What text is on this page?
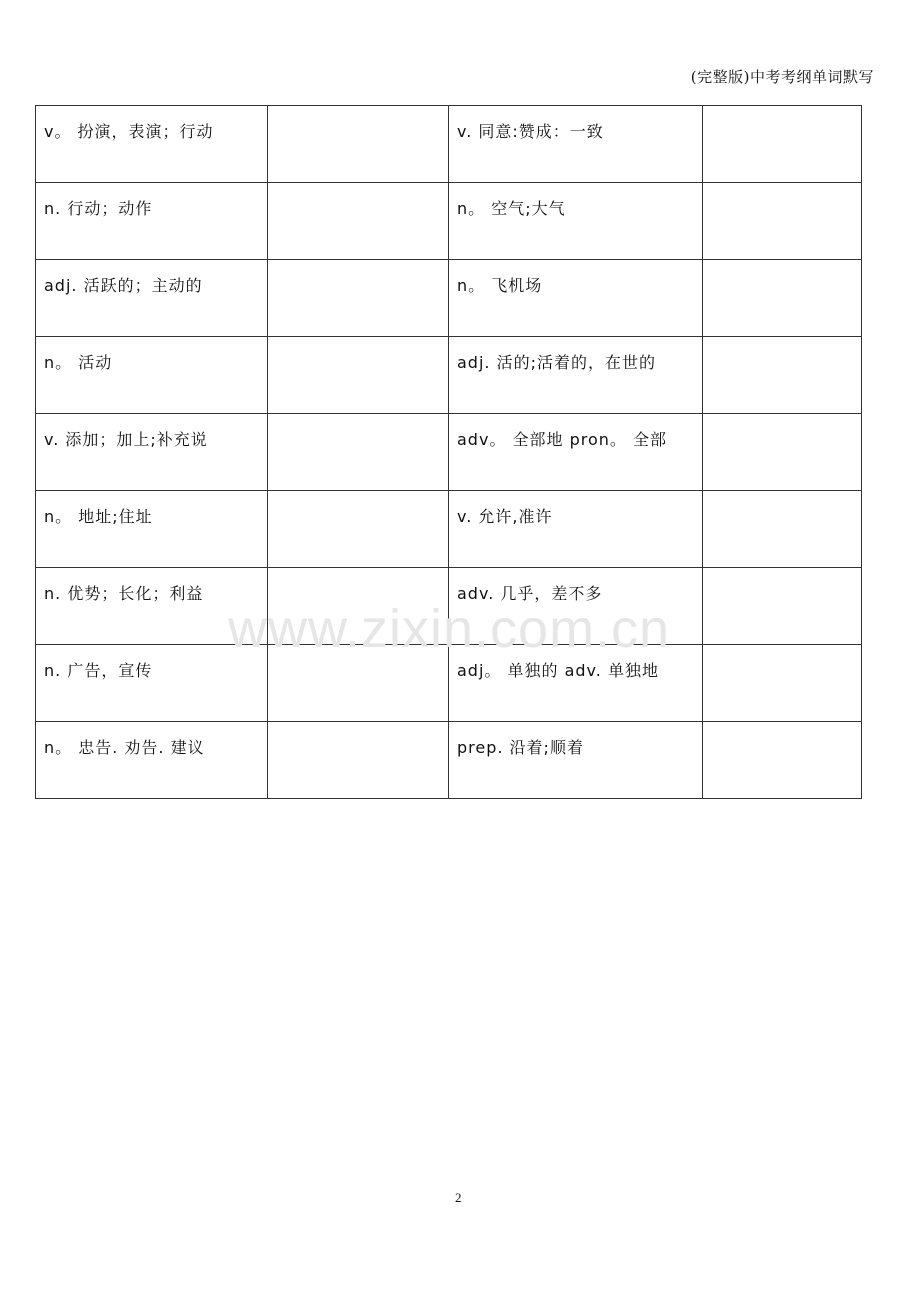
(完整版)中考考纲单词默写
v。 扮演，表演；行动		v. 同意:赞成：一致	
n. 行动；动作		n。 空气;大气	
adj. 活跃的；主动的		n。 飞机场	
n。 活动		adj. 活的;活着的，在世的	
v. 添加；加上;补充说		adv。 全部地 pron。 全部	
n。 地址;住址		v. 允许,准许	
n. 优势；长化；利益		adv. 几乎，差不多	
n. 广告，宣传		adj。 单独的 adv. 单独地	
n。 忠告. 劝告. 建议		prep. 沿着;顺着	
www.zixin.com.cn
2
